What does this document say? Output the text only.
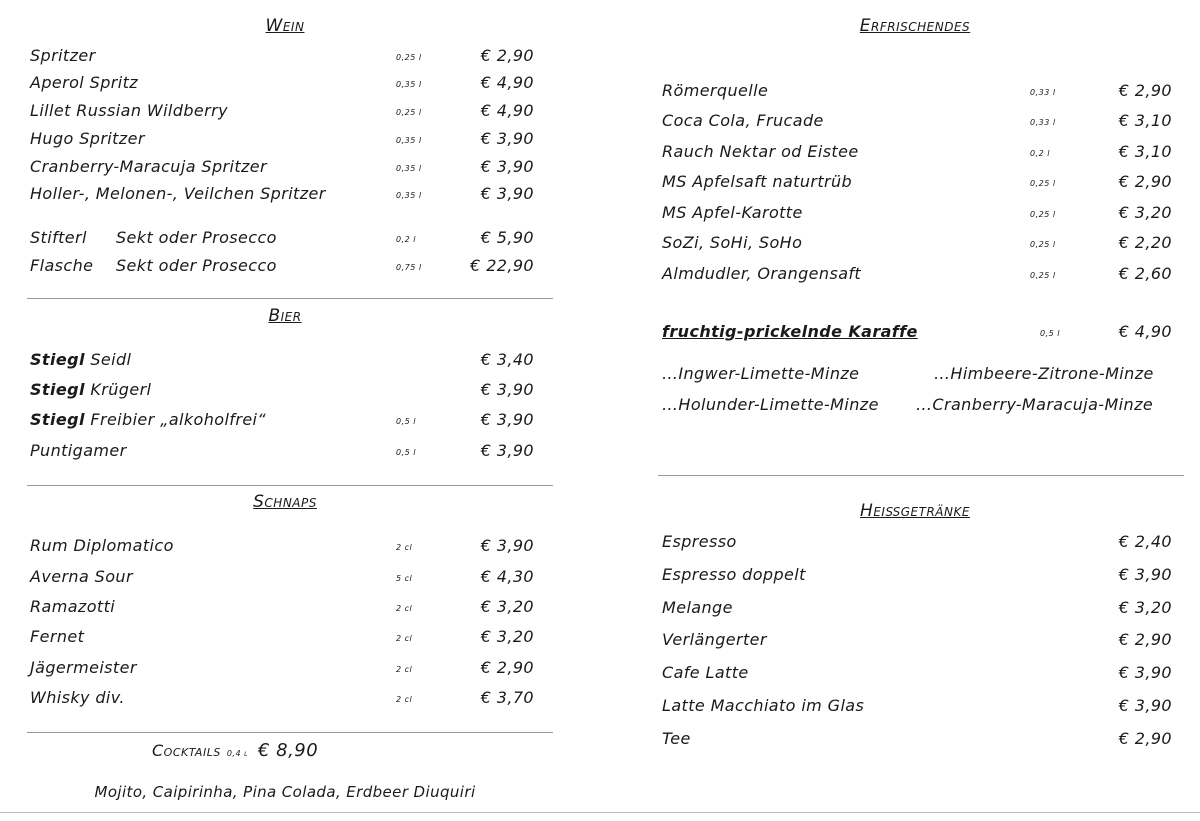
Wein
Spritzer	0,25 l	€ 2,90
Aperol Spritz	0,35 l	€ 4,90
Lillet Russian Wildberry	0,25 l	€ 4,90
Hugo Spritzer	0,35 l	€ 3,90
Cranberry-Maracuja Spritzer	0,35 l	€ 3,90
Holler-, Melonen-, Veilchen Spritzer	0,35 l	€ 3,90
Stifterl Sekt oder Prosecco	0,2 l	€ 5,90
Flasche Sekt oder Prosecco	0,75 l	€ 22,90
Bier
Stiegl Seidl	€ 3,40
Stiegl Krügerl	€ 3,90
Stiegl Freibier „alkoholfrei“	0,5 l	€ 3,90
Puntigamer	0,5 l	€ 3,90
Schnaps
Rum Diplomatico	2 cl	€ 3,90
Averna Sour	5 cl	€ 4,30
Ramazotti	2 cl	€ 3,20
Fernet	2 cl	€ 3,20
Jägermeister	2 cl	€ 2,90
Whisky div.	2 cl	€ 3,70
Cocktails 0,4 l € 8,90
Mojito, Caipirinha, Pina Colada, Erdbeer Diuquiri
Erfrischendes
Römerquelle	0,33 l	€ 2,90
Coca Cola, Frucade	0,33 l	€ 3,10
Rauch Nektar od Eistee	0,2 l	€ 3,10
MS Apfelsaft naturtrüb	0,25 l	€ 2,90
MS Apfel-Karotte	0,25 l	€ 3,20
SoZi, SoHi, SoHo	0,25 l	€ 2,20
Almdudler, Orangensaft	0,25 l	€ 2,60
fruchtig-prickelnde Karaffe	0,5 l	€ 4,90
…Ingwer-Limette-Minze	…Himbeere-Zitrone-Minze
…Holunder-Limette-Minze …Cranberry-Maracuja-Minze
Heißgetränke
Espresso	€ 2,40
Espresso doppelt	€ 3,90
Melange	€ 3,20
Verlängerter	€ 2,90
Cafe Latte	€ 3,90
Latte Macchiato im Glas	€ 3,90
Tee	€ 2,90
